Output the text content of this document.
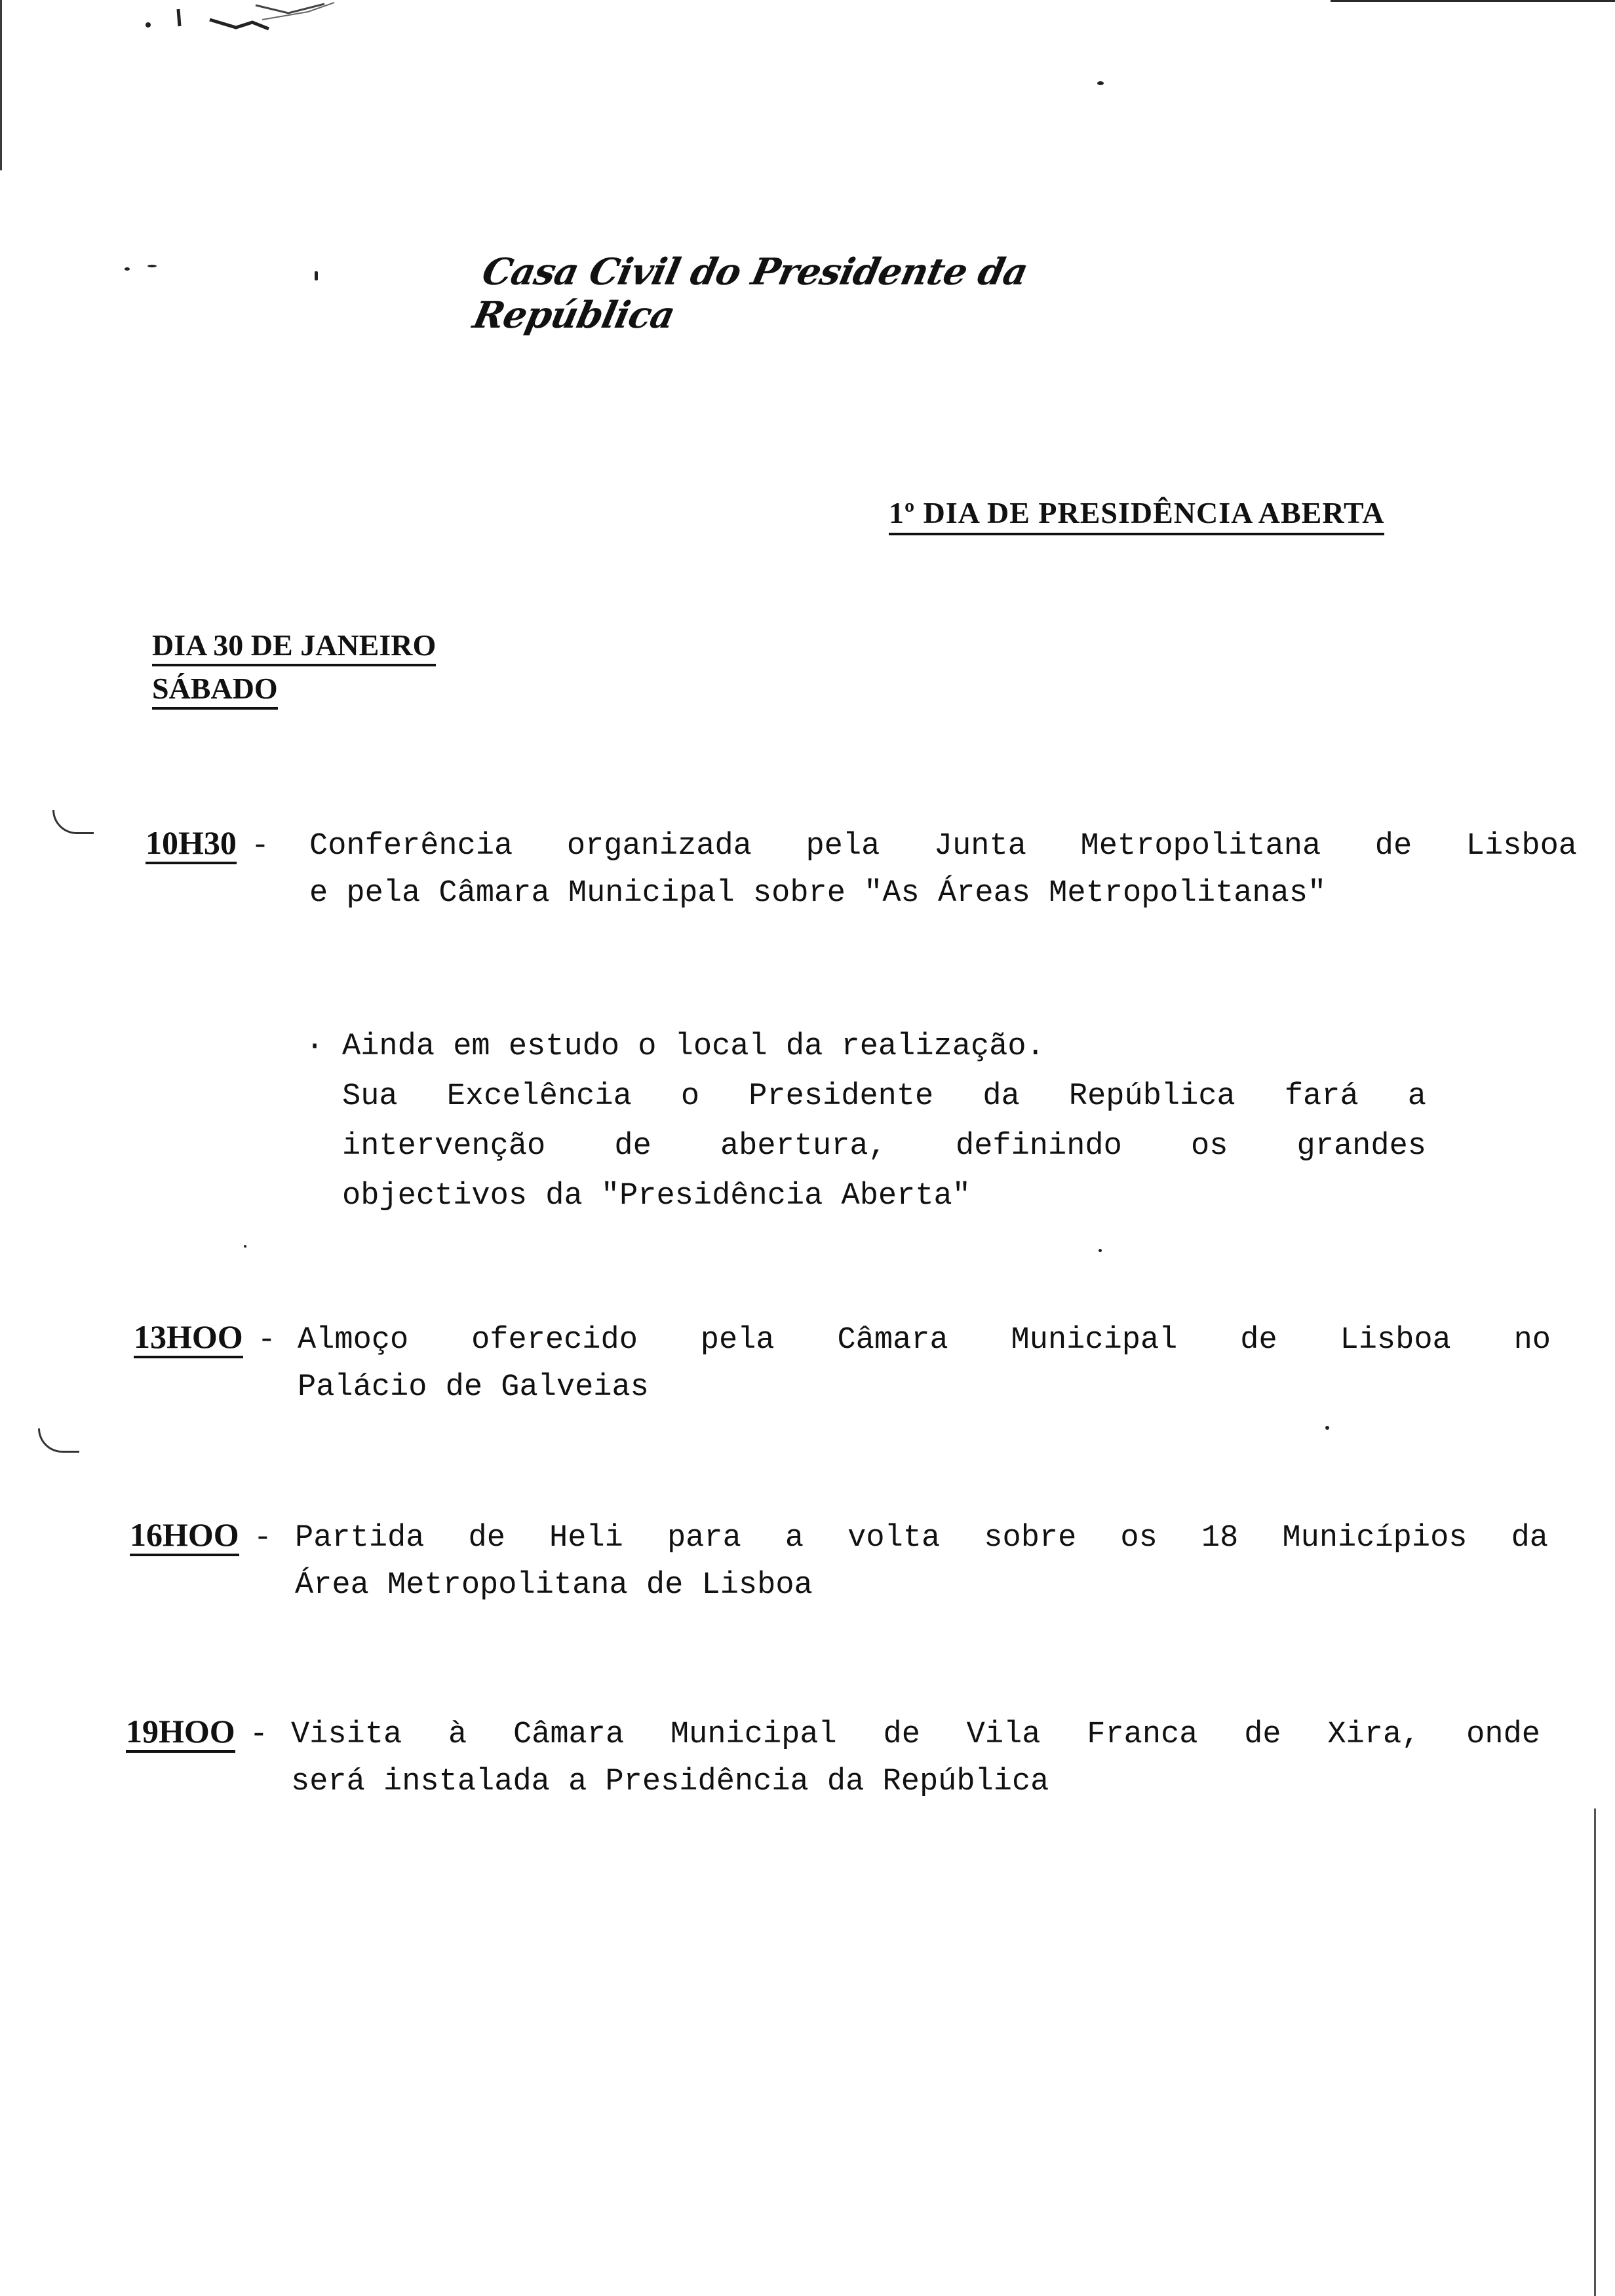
Casa Civil do Presidente da República
1º DIA DE PRESIDÊNCIA ABERTA
DIA 30 DE JANEIRO
SÁBADO
10H30 - Conferência organizada pela Junta Metropolitana de Lisboa
e pela Câmara Municipal sobre "As Áreas Metropolitanas"
· Ainda em estudo o local da realização.
Sua Excelência o Presidente da República fará a
intervenção de abertura, definindo os grandes
objectivos da "Presidência Aberta"
13HOO - Almoço oferecido pela Câmara Municipal de Lisboa no
Palácio de Galveias
16HOO - Partida de Heli para a volta sobre os 18 Municípios da
Área Metropolitana de Lisboa
19HOO - Visita à Câmara Municipal de Vila Franca de Xira, onde
será instalada a Presidência da República
